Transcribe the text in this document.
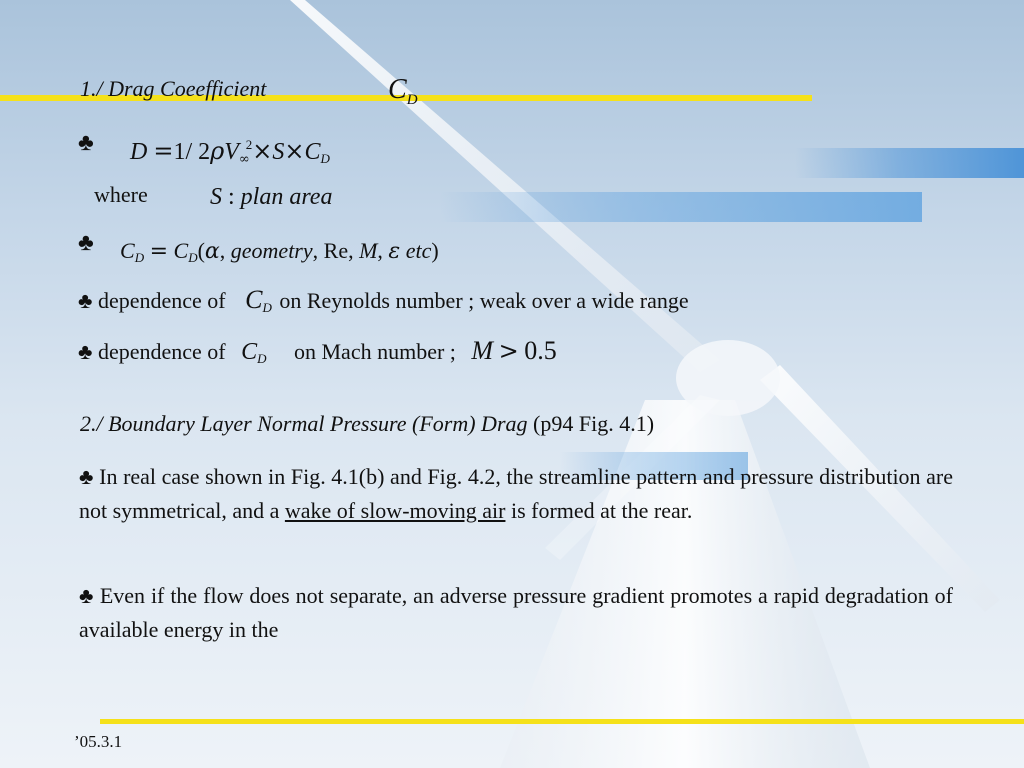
1./ Drag Coeefficient	$C_D$
♣ D =1/ $2\rho V_\infty^2\times S\times C_D$
where	S : plan area
♣ $C_D = C_D(\alpha$, geometry, Re, M, ε etc)
♣ dependence of $C_D$ on Reynolds number ; weak over a wide range
♣ dependence of $C_D$ on Mach number ; M > 0.5
2./ Boundary Layer Normal Pressure (Form) Drag (p94 Fig. 4.1)
♣ In real case shown in Fig. 4.1(b) and Fig. 4.2, the streamline pattern and pressure distribution are not symmetrical, and a wake of slow-moving air is formed at the rear.
♣ Even if the flow does not separate, an adverse pressure gradient promotes a rapid degradation of available energy in the
’05.3.1
